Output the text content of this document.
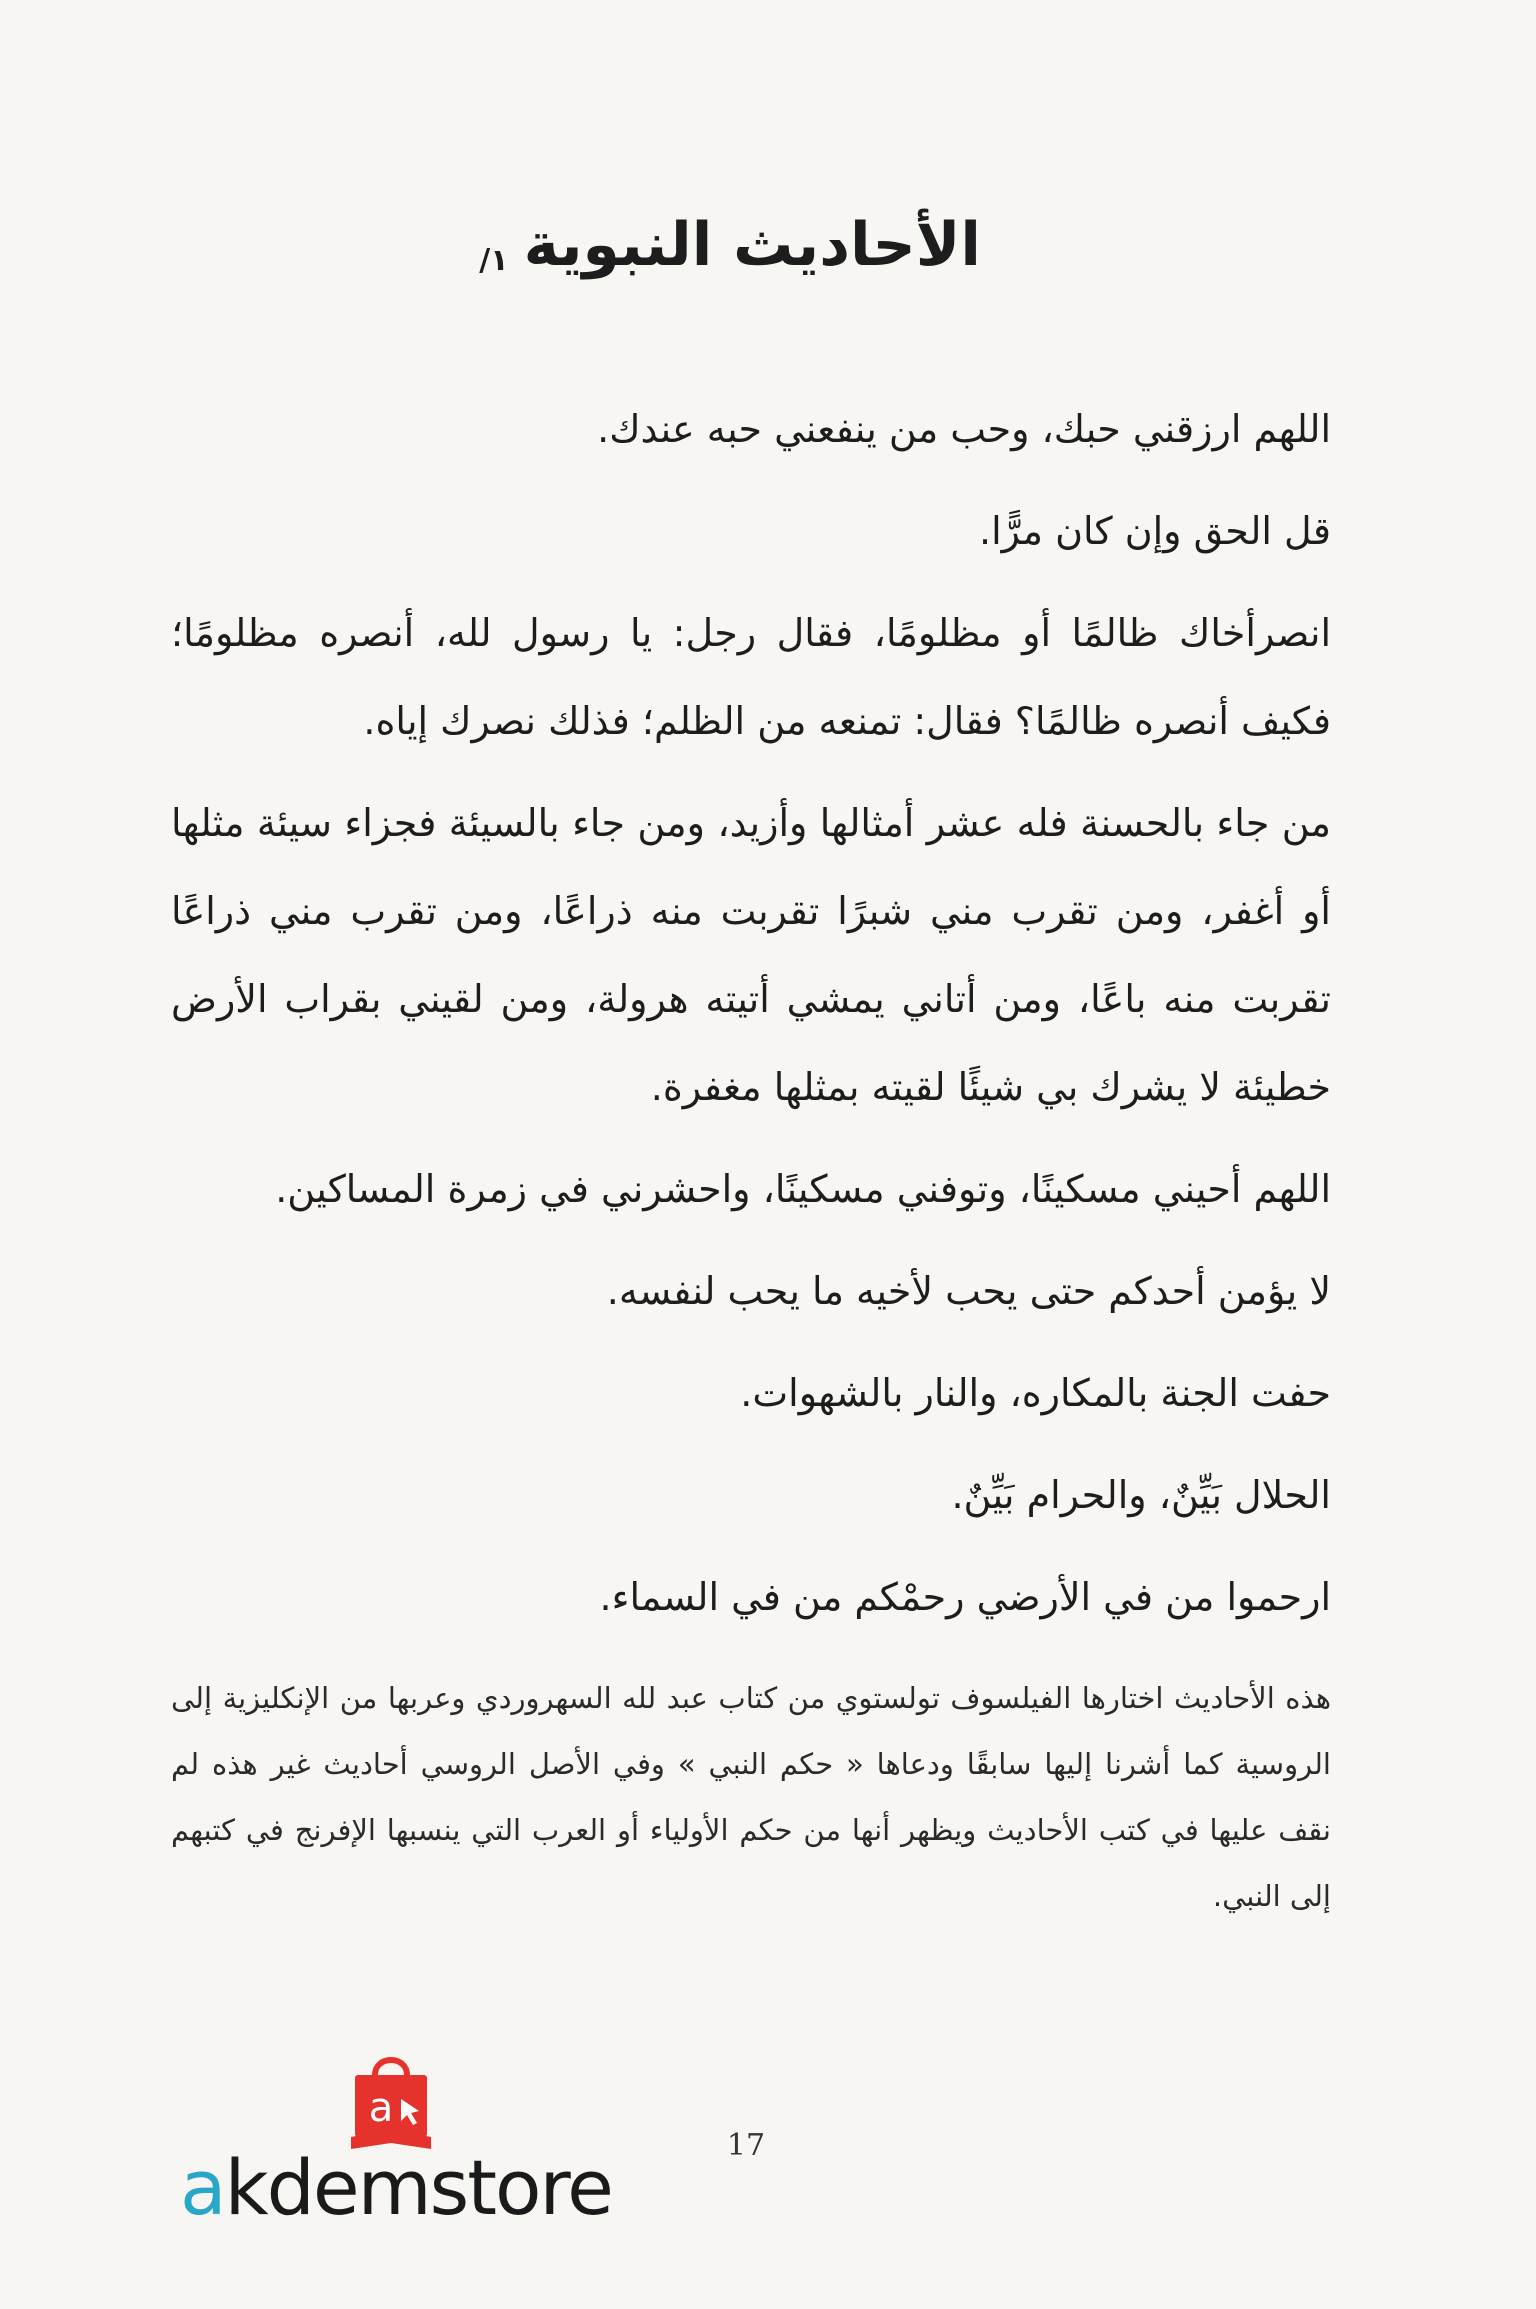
الأحاديث النبوية ١/

اللهم ارزقني حبك، وحب من ينفعني حبه عندك.

قل الحق وإن كان مرًّا.

انصرأخاك ظالمًا أو مظلومًا، فقال رجل: يا رسول لله، أنصره مظلومًا؛ فكيف أنصره ظالمًا؟ فقال: تمنعه من الظلم؛ فذلك نصرك إياه.

من جاء بالحسنة فله عشر أمثالها وأزيد، ومن جاء بالسيئة فجزاء سيئة مثلها أو أغفر، ومن تقرب مني شبرًا تقربت منه ذراعًا، ومن تقرب مني ذراعًا تقربت منه باعًا، ومن أتاني يمشي أتيته هرولة، ومن لقيني بقراب الأرض خطيئة لا يشرك بي شيئًا لقيته بمثلها مغفرة.

اللهم أحيني مسكينًا، وتوفني مسكينًا، واحشرني في زمرة المساكين.

لا يؤمن أحدكم حتى يحب لأخيه ما يحب لنفسه.

حفت الجنة بالمكاره، والنار بالشهوات.

الحلال بَيِّنٌ، والحرام بَيِّنٌ.

ارحموا من في الأرضي رحمْكم من في السماء.

هذه الأحاديث اختارها الفيلسوف تولستوي من كتاب عبد لله السهروردي وعربها من الإنكليزية إلى الروسية كما أشرنا إليها سابقًا ودعاها « حكم النبي » وفي الأصل الروسي أحاديث غير هذه لم نقف عليها في كتب الأحاديث ويظهر أنها من حكم الأولياء أو العرب التي ينسبها الإفرنج في كتبهم إلى النبي.
17
a
akdemstore
